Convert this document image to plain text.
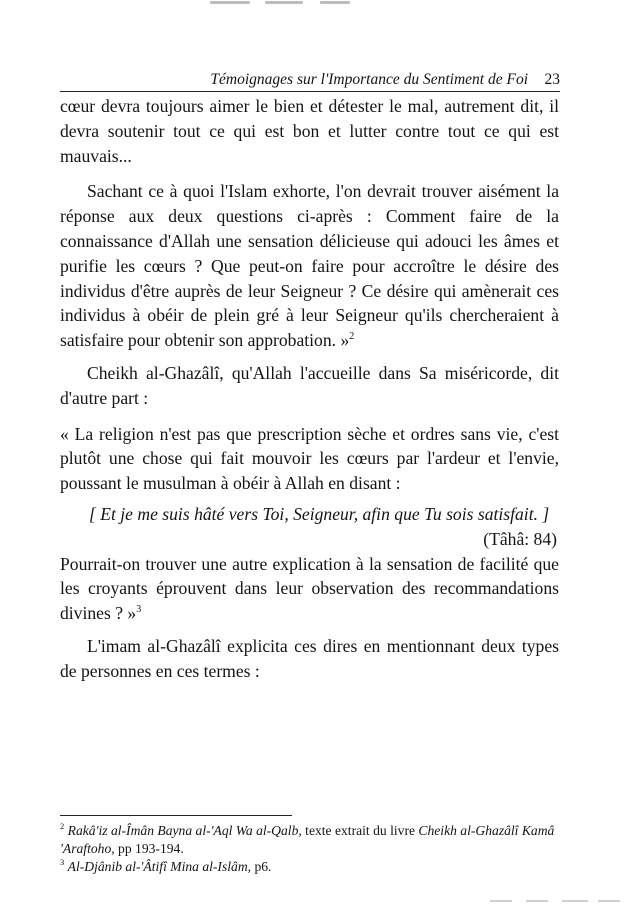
Témoignages sur l'Importance du Sentiment de Foi 23

cœur devra toujours aimer le bien et détester le mal, autrement dit, il devra soutenir tout ce qui est bon et lutter contre tout ce qui est mauvais...

Sachant ce à quoi l'Islam exhorte, l'on devrait trouver aisément la réponse aux deux questions ci-après : Comment faire de la connaissance d'Allah une sensation délicieuse qui adouci les âmes et purifie les cœurs ? Que peut-on faire pour accroître le désire des individus d'être auprès de leur Seigneur ? Ce désire qui amènerait ces individus à obéir de plein gré à leur Seigneur qu'ils chercheraient à satisfaire pour obtenir son approbation. »$^2$

Cheikh al-Ghazâlî, qu'Allah l'accueille dans Sa miséricorde, dit d'autre part :

« La religion n'est pas que prescription sèche et ordres sans vie, c'est plutôt une chose qui fait mouvoir les cœurs par l'ardeur et l'envie, poussant le musulman à obéir à Allah en disant :

[ Et je me suis hâté vers Toi, Seigneur, afin que Tu sois satisfait. ]

(Tâhâ: 84)

Pourrait-on trouver une autre explication à la sensation de facilité que les croyants éprouvent dans leur observation des recommandations divines ? »$^3$

L'imam al-Ghazâlî explicita ces dires en mentionnant deux types de personnes en ces termes :

$^2$ Rakâ'iz al-Îmân Bayna al-'Aql Wa al-Qalb, texte extrait du livre Cheikh al-Ghazâlî Kamâ 'Araftoho, pp 193-194.

$^3$ Al-Djânib al-'Âtifî Mina al-Islâm, p6.
